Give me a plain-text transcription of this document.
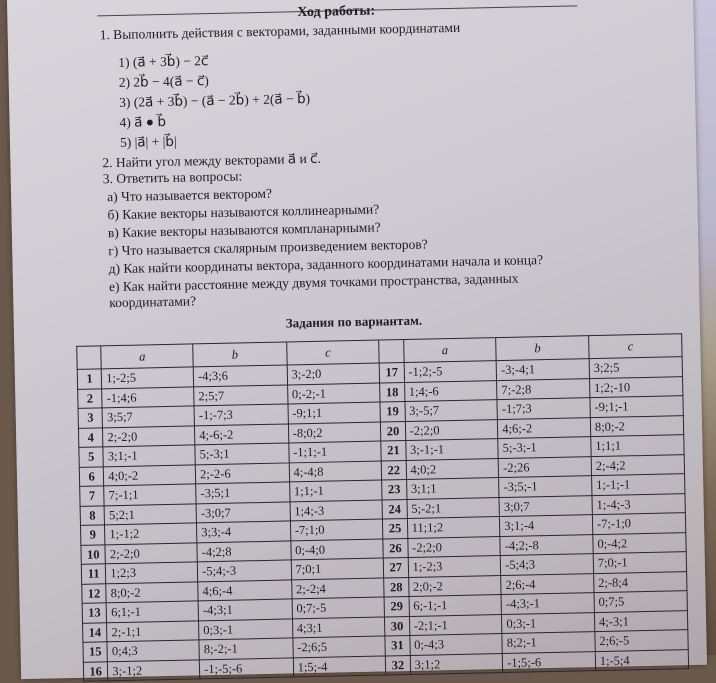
Ход работы:
1. Выполнить действия с векторами, заданными координатами
1) (a⃗ + 3b⃗) − 2c⃗
2) 2b⃗ − 4(a⃗ − c⃗)
3) (2a⃗ + 3b⃗) − (a⃗ − 2b⃗) + 2(a⃗ − b⃗)
4) a⃗ ● b⃗
5) |a⃗| + |b⃗|
2. Найти угол между векторами a⃗ и c⃗.
3. Ответить на вопросы:
а) Что называется вектором?
б) Какие векторы называются коллинеарными?
в) Какие векторы называются компланарными?
г) Что называется скалярным произведением векторов?
д) Как найти координаты вектора, заданного координатами начала и конца?
е) Как найти расстояние между двумя точками пространства, заданных
координатами?
Задания по вариантам.
	a⃗	b⃗	c⃗		a⃗	b⃗	c⃗
1	1;-2;5	-4;3;6	3;-2;0	17	-1;2;-5	-3;-4;1	3;2;5
2	-1;4;6	2;5;7	0;-2;-1	18	1;4;-6	7;-2;8	1;2;-10
3	3;5;7	-1;-7;3	-9;1;1	19	3;-5;7	-1;7;3	-9;1;-1
4	2;-2;0	4;-6;-2	-8;0;2	20	-2;2;0	4;6;-2	8;0;-2
5	3;1;-1	5;-3;1	-1;1;-1	21	3;-1;-1	5;-3;-1	1;1;1
6	4;0;-2	2;-2-6	4;-4;8	22	4;0;2	-2;26	2;-4;2
7	7;-1;1	-3;5;1	1;1;-1	23	3;1;1	-3;5;-1	1;-1;-1
8	5;2;1	-3;0;7	1;4;-3	24	5;-2;1	3;0;7	1;-4;-3
9	1;-1;2	3;3;-4	-7;1;0	25	11;1;2	3;1;-4	-7;-1;0
10	2;-2;0	-4;2;8	0;-4;0	26	-2;2;0	-4;2;-8	0;-4;2
11	1;2;3	-5;4;-3	7;0;1	27	1;-2;3	-5;4;3	7;0;-1
12	8;0;-2	4;6;-4	2;-2;4	28	2;0;-2	2;6;-4	2;-8;4
13	6;1;-1	-4;3;1	0;7;-5	29	6;-1;-1	-4;3;-1	0;7;5
14	2;-1;1	0;3;-1	4;3;1	30	-2;1;-1	0;3;-1	4;-3;1
15	0;4;3	8;-2;-1	-2;6;5	31	0;-4;3	8;2;-1	2;6;-5
16	3;-1;2	-1;-5;-6	1;5;-4	32	3;1;2	-1;5;-6	1;-5;4
